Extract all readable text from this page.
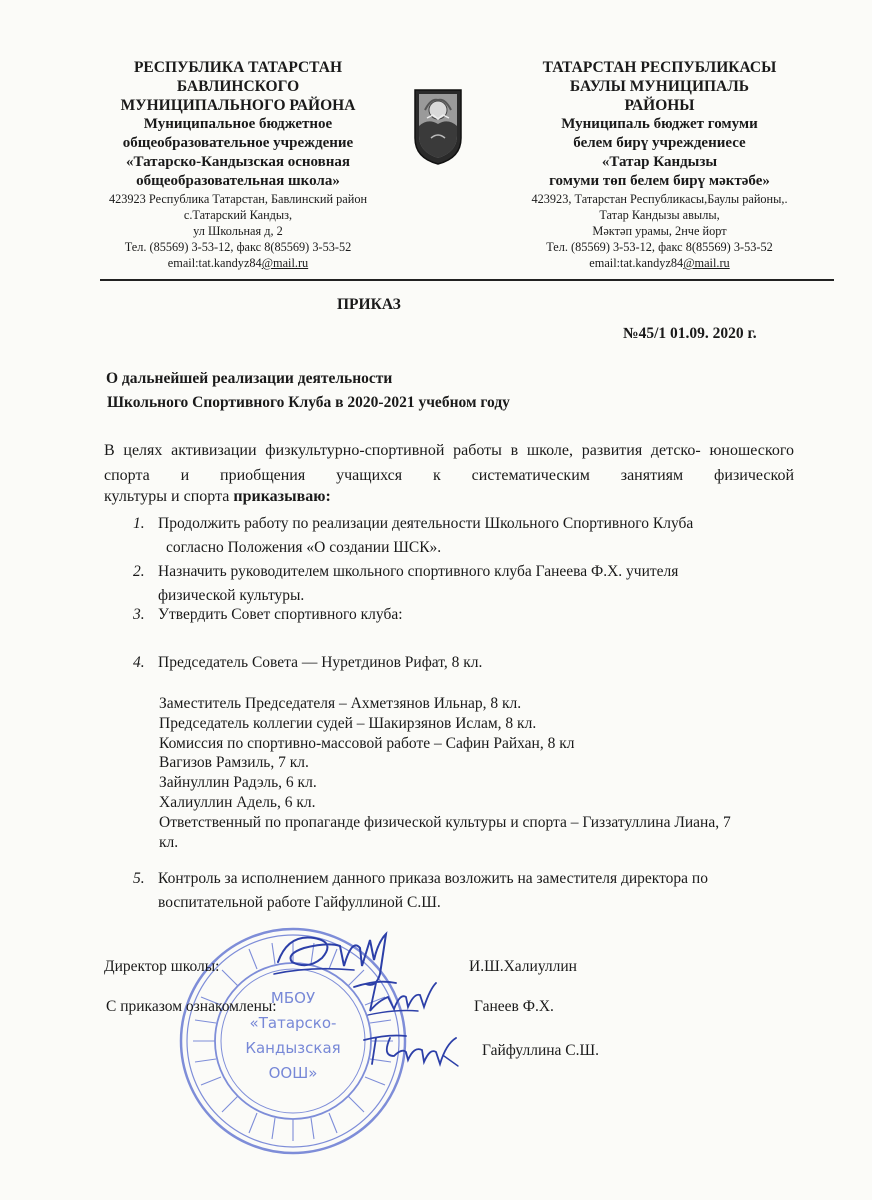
РЕСПУБЛИКА ТАТАРСТАН
БАВЛИНСКОГО
МУНИЦИПАЛЬНОГО РАЙОНА
Муниципальное бюджетное
общеобразовательное учреждение
«Татарско-Кандызская основная
общеобразовательная школа»
423923 Республика Татарстан, Бавлинский район
с.Татарский Кандыз,
ул Школьная д, 2
Тел. (85569) 3-53-12, факс 8(85569) 3-53-52
email:tat.kandyz84@mail.ru
ТАТАРСТАН РЕСПУБЛИКАСЫ
БАУЛЫ МУНИЦИПАЛЬ
РАЙОНЫ
Муниципаль бюджет гомуми
белем бирү учреждениесе
«Татар Кандызы
гомуми төп белем бирү мәктәбе»
423923, Татарстан Республикасы,Баулы районы,.
Татар Кандызы авылы,
Мәктәп урамы, 2нче йорт
Тел. (85569) 3-53-12, факс 8(85569) 3-53-52
email:tat.kandyz84@mail.ru
ПРИКАЗ
№45/1 01.09. 2020 г.
О дальнейшей реализации деятельности
Школьного Спортивного Клуба в 2020-2021 учебном году
В целях активизации физкультурно-спортивной работы в школе, развития детско- юношеского спорта и приобщения учащихся к систематическим занятиям физической
культуры и спорта приказываю:
1. Продолжить работу по реализации деятельности Школьного Спортивного Клуба
согласно Положения «О создании ШСК».
2. Назначить руководителем школьного спортивного клуба Ганеева Ф.Х. учителя
физической культуры.
3. Утвердить Совет спортивного клуба:
4. Председатель Совета — Нуретдинов Рифат, 8 кл.
Заместитель Председателя – Ахметзянов Ильнар, 8 кл.
Председатель коллегии судей – Шакирзянов Ислам, 8 кл.
Комиссия по спортивно-массовой работе – Сафин Райхан, 8 кл
Вагизов Рамзиль, 7 кл.
Зайнуллин Радэль, 6 кл.
Халиуллин Адель, 6 кл.
Ответственный по пропаганде физической культуры и спорта – Гиззатуллина Лиана, 7
кл.
5. Контроль за исполнением данного приказа возложить на заместителя директора по
воспитательной работе Гайфуллиной С.Ш.
МБОУ
«Татарско-
Кандызская
ООШ»
Директор школы:	И.Ш.Халиуллин
С приказом ознакомлены:	Ганеев Ф.Х.
Гайфуллина С.Ш.
